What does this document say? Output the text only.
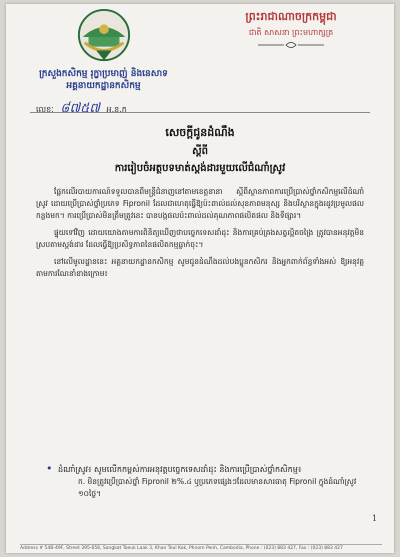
ក្រសួងកសិកម្ម រុក្ខាប្រមាញ់ និងនេសាទ
អគ្គនាយកដ្ឋានកសិកម្ម
ព្រះរាជាណាចក្រកម្ពុជា
ជាតិ សាសនា ព្រះមហាក្សត្រ
លេខៈ ៨៧៥៧ អ.ន.ក
សេចក្ដីជូនដំណឹង
ស្ដីពី
ការរៀបចំអត្ថបទមាត់ស្តង់ដារមួយលើជំណាំស្រូវ

ផ្អែកលើរបាយការណ៍ទទួលបានពីមន្ត្រីជំនាញនៅតាមខេត្តនានា ស្ដីពីស្ថានភាពការប្រើប្រាស់ថ្នាំកសិកម្មលើដំណាំស្រូវ ដោយប្រើប្រាស់ថ្នាំប្រភេទ Fipronil ដែលជាហេតុធ្វើឱ្យប៉ះពាល់ដល់សុខភាពមនុស្ស និងបរិស្ថានក្នុងរដូវប្រមូលផលកន្លងមក។ ការប្រើប្រាស់មិនត្រឹមត្រូវនេះ បានបង្កផលប៉ះពាល់ដល់គុណភាពផលិតផល និងទីផ្សារ។

ផ្ទុយទៅវិញ ដោយយោងតាមការពិនិត្យឃើញថាបច្ចេកទេសដាំដុះ និងការគ្រប់គ្រងសត្វល្អិតចង្រៃ ត្រូវបានអនុវត្តមិនស្របតាមស្តង់ដារ ដែលធ្វើឱ្យប្រសិទ្ធភាពនៃផលិតកម្មធ្លាក់ចុះ។

នៅលើមូលដ្ឋាននេះ អគ្គនាយកដ្ឋានកសិកម្ម សូមជូនដំណឹងដល់បងប្អូនកសិករ និងអ្នកពាក់ព័ន្ធទាំងអស់ ឱ្យអនុវត្តតាមការណែនាំខាងក្រោម៖

• ដំណាំស្រូវ៖ សូមលើកកម្ពស់ការអនុវត្តបច្ចេកទេសដាំដុះ និងការប្រើប្រាស់ថ្នាំកសិកម្ម៖
ក. មិនត្រូវប្រើប្រាស់ថ្នាំ Fipronil ២%.៤ ឬប្រភេទផ្សេងៗដែលមានសារធាតុ Fipronil ក្នុងដំណាំស្រូវ ១០ថ្ងៃ។
1
Address # 54B-49F, Street 395-656, Sangkat Toeuk Laak 3, Khan Toul Kok, Phnom Penh, Cambodia, Phone : (023) 883 427, Fax : (023) 883 427
